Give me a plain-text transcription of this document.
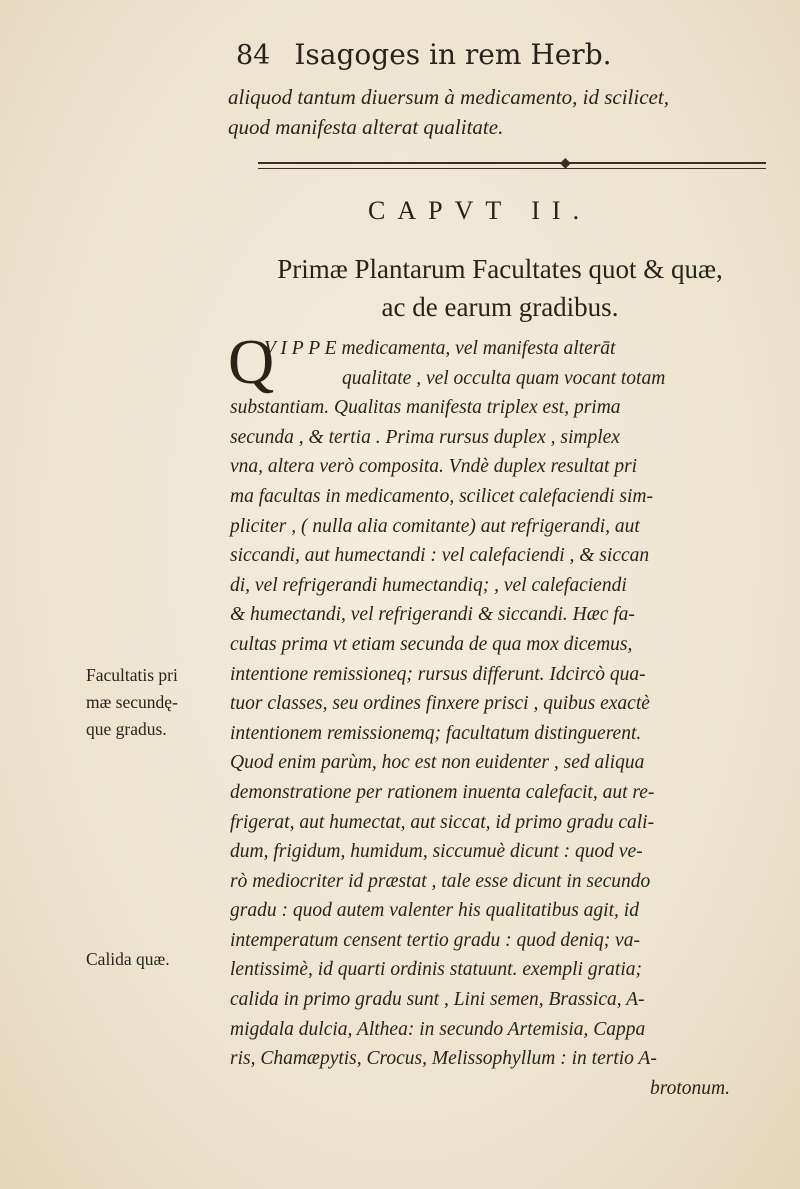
84 Isagoges in rem Herb.
aliquod tantum diuersum à medicamento, id scilicet,
quod manifesta alterat qualitate.
◆
CAPVT II.
Primæ Plantarum Facultates quot & quæ,
ac de earum gradibus.
Q
V I P P E medicamenta, vel manifesta alterāt
qualitate , vel occulta quam vocant totam
substantiam. Qualitas manifesta triplex est, prima
secunda , & tertia . Prima rursus duplex , simplex
vna, altera verò composita. Vndè duplex resultat pri
ma facultas in medicamento, scilicet calefaciendi sim-
pliciter , ( nulla alia comitante) aut refrigerandi, aut
siccandi, aut humectandi : vel calefaciendi , & siccan
di, vel refrigerandi humectandiq; , vel calefaciendi
& humectandi, vel refrigerandi & siccandi. Hæc fa-
cultas prima vt etiam secunda de qua mox dicemus,
intentione remissioneq; rursus differunt. Idcircò qua-
tuor classes, seu ordines finxere prisci , quibus exactè
intentionem remissionemq; facultatum distinguerent.
Quod enim parùm, hoc est non euidenter , sed aliqua
demonstratione per rationem inuenta calefacit, aut re-
frigerat, aut humectat, aut siccat, id primo gradu cali-
dum, frigidum, humidum, siccumuè dicunt : quod ve-
rò mediocriter id præstat , tale esse dicunt in secundo
gradu : quod autem valenter his qualitatibus agit, id
intemperatum censent tertio gradu : quod deniq; va-
lentissimè, id quarti ordinis statuunt. exempli gratia;
calida in primo gradu sunt , Lini semen, Brassica, A-
migdala dulcia, Althea: in secundo Artemisia, Cappa
ris, Chamæpytis, Crocus, Melissophyllum : in tertio A-
brotonum.
Facultatis pri
mæ secundę-
que gradus.
Calida quæ.
